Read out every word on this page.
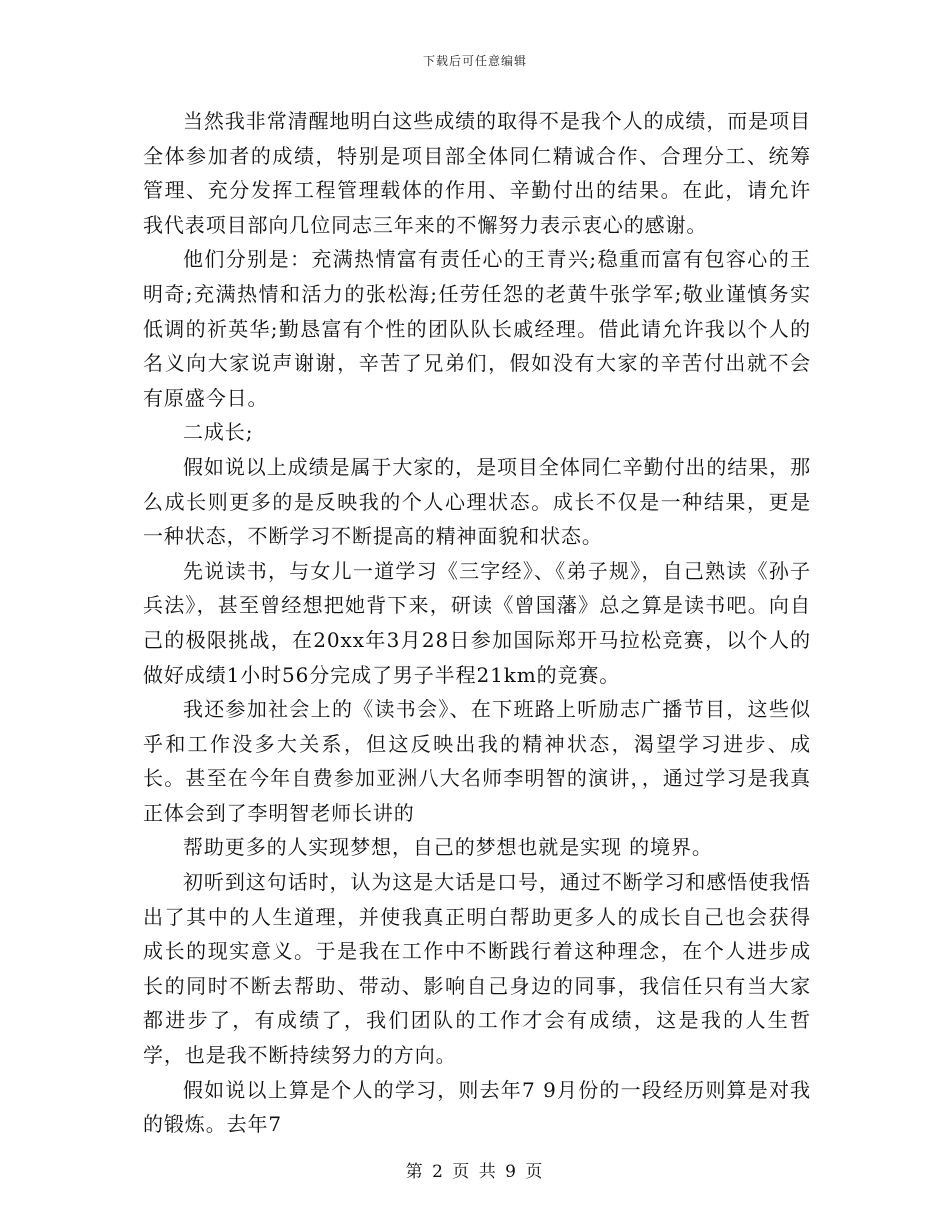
下载后可任意编辑

当然我非常清醒地明白这些成绩的取得不是我个人的成绩，而是项目全体参加者的成绩，特别是项目部全体同仁精诚合作、合理分工、统筹管理、充分发挥工程管理载体的作用、辛勤付出的结果。在此，请允许我代表项目部向几位同志三年来的不懈努力表示衷心的感谢。

他们分别是：充满热情富有责任心的王青兴;稳重而富有包容心的王明奇;充满热情和活力的张松海;任劳任怨的老黄牛张学军;敬业谨慎务实低调的祈英华;勤恳富有个性的团队队长戚经理。借此请允许我以个人的名义向大家说声谢谢，辛苦了兄弟们，假如没有大家的辛苦付出就不会有原盛今日。

二成长;

假如说以上成绩是属于大家的，是项目全体同仁辛勤付出的结果，那么成长则更多的是反映我的个人心理状态。成长不仅是一种结果，更是一种状态，不断学习不断提高的精神面貌和状态。

先说读书，与女儿一道学习《三字经》、《弟子规》，自己熟读《孙子兵法》，甚至曾经想把她背下来，研读《曾国藩》总之算是读书吧。向自己的极限挑战，在20xx年3月28日参加国际郑开马拉松竞赛，以个人的做好成绩1小时56分完成了男子半程21km的竞赛。

我还参加社会上的《读书会》、在下班路上听励志广播节目，这些似乎和工作没多大关系，但这反映出我的精神状态，渴望学习进步、成长。甚至在今年自费参加亚洲八大名师李明智的演讲，，通过学习是我真正体会到了李明智老师长讲的

帮助更多的人实现梦想，自己的梦想也就是实现 的境界。

初听到这句话时，认为这是大话是口号，通过不断学习和感悟使我悟出了其中的人生道理，并使我真正明白帮助更多人的成长自己也会获得成长的现实意义。于是我在工作中不断践行着这种理念，在个人进步成长的同时不断去帮助、带动、影响自己身边的同事，我信任只有当大家都进步了，有成绩了，我们团队的工作才会有成绩，这是我的人生哲学，也是我不断持续努力的方向。

假如说以上算是个人的学习，则去年7 9月份的一段经历则算是对我的锻炼。去年7

第 2 页 共 9 页
